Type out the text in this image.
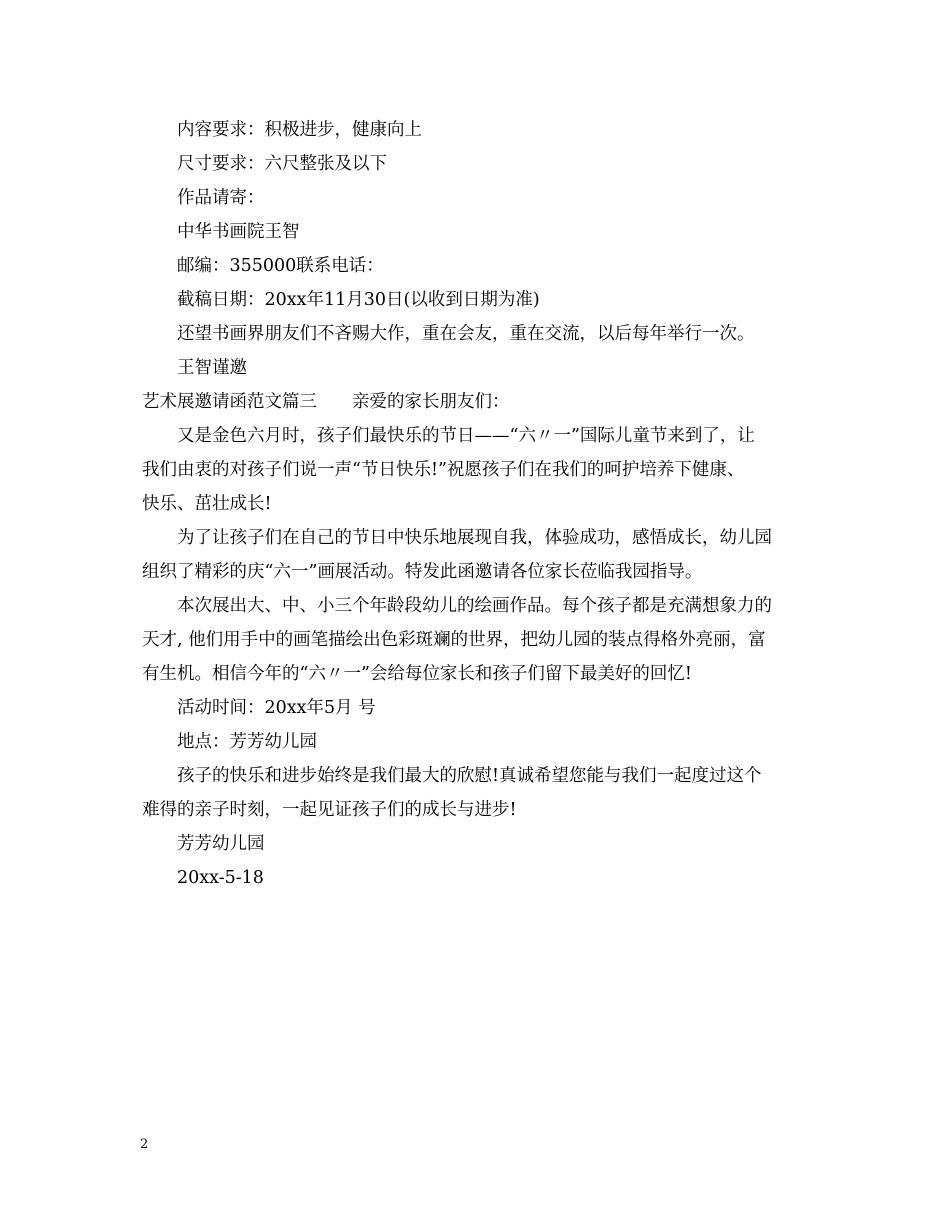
内容要求：积极进步，健康向上
尺寸要求：六尺整张及以下
作品请寄：
中华书画院王智
邮编：355000联系电话：
截稿日期：20xx年11月30日(以收到日期为准)
还望书画界朋友们不吝赐大作，重在会友，重在交流，以后每年举行一次。
王智谨邀
艺术展邀请函范文篇三　　亲爱的家长朋友们：
又是金色六月时，孩子们最快乐的节日——“六〃一”国际儿童节来到了，让
我们由衷的对孩子们说一声“节日快乐!”祝愿孩子们在我们的呵护培养下健康、
快乐、茁壮成长!
为了让孩子们在自己的节日中快乐地展现自我，体验成功，感悟成长，幼儿园
组织了精彩的庆“六一”画展活动。特发此函邀请各位家长莅临我园指导。
本次展出大、中、小三个年龄段幼儿的绘画作品。每个孩子都是充满想象力的
天才, 他们用手中的画笔描绘出色彩斑斓的世界，把幼儿园的装点得格外亮丽，富
有生机。相信今年的“六〃一”会给每位家长和孩子们留下最美好的回忆!
活动时间：20xx年5月 号
地点：芳芳幼儿园
孩子的快乐和进步始终是我们最大的欣慰!真诚希望您能与我们一起度过这个
难得的亲子时刻，一起见证孩子们的成长与进步!
芳芳幼儿园
20xx-5-18
2
